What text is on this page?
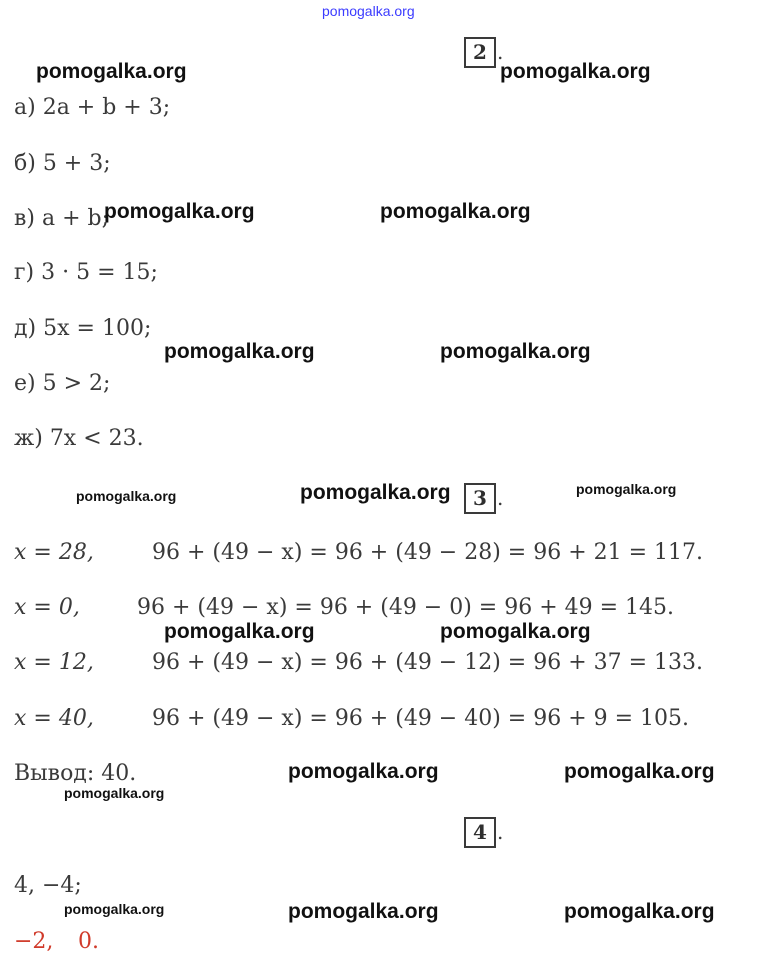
pomogalka.org
2 .
а) 2a + b + 3;
б) 5 + 3;
в) a + b;
г) 3 · 5 = 15;
д) 5x = 100;
е) 5 > 2;
ж) 7x < 23.
3 .
x = 28,	96 + (49 − x) = 96 + (49 − 28) = 96 + 21 = 117.
x = 0,	96 + (49 − x) = 96 + (49 − 0) = 96 + 49 = 145.
x = 12,	96 + (49 − x) = 96 + (49 − 12) = 96 + 37 = 133.
x = 40,	96 + (49 − x) = 96 + (49 − 40) = 96 + 9 = 105.
Вывод: 40.
4 .
4, −4;
−2, 0.
pomogalka.org	pomogalka.org
pomogalka.org	pomogalka.org
pomogalka.org	pomogalka.org
pomogalka.org	pomogalka.org	pomogalka.org
pomogalka.org	pomogalka.org
pomogalka.org	pomogalka.org
pomogalka.org
pomogalka.org	pomogalka.org	pomogalka.org
